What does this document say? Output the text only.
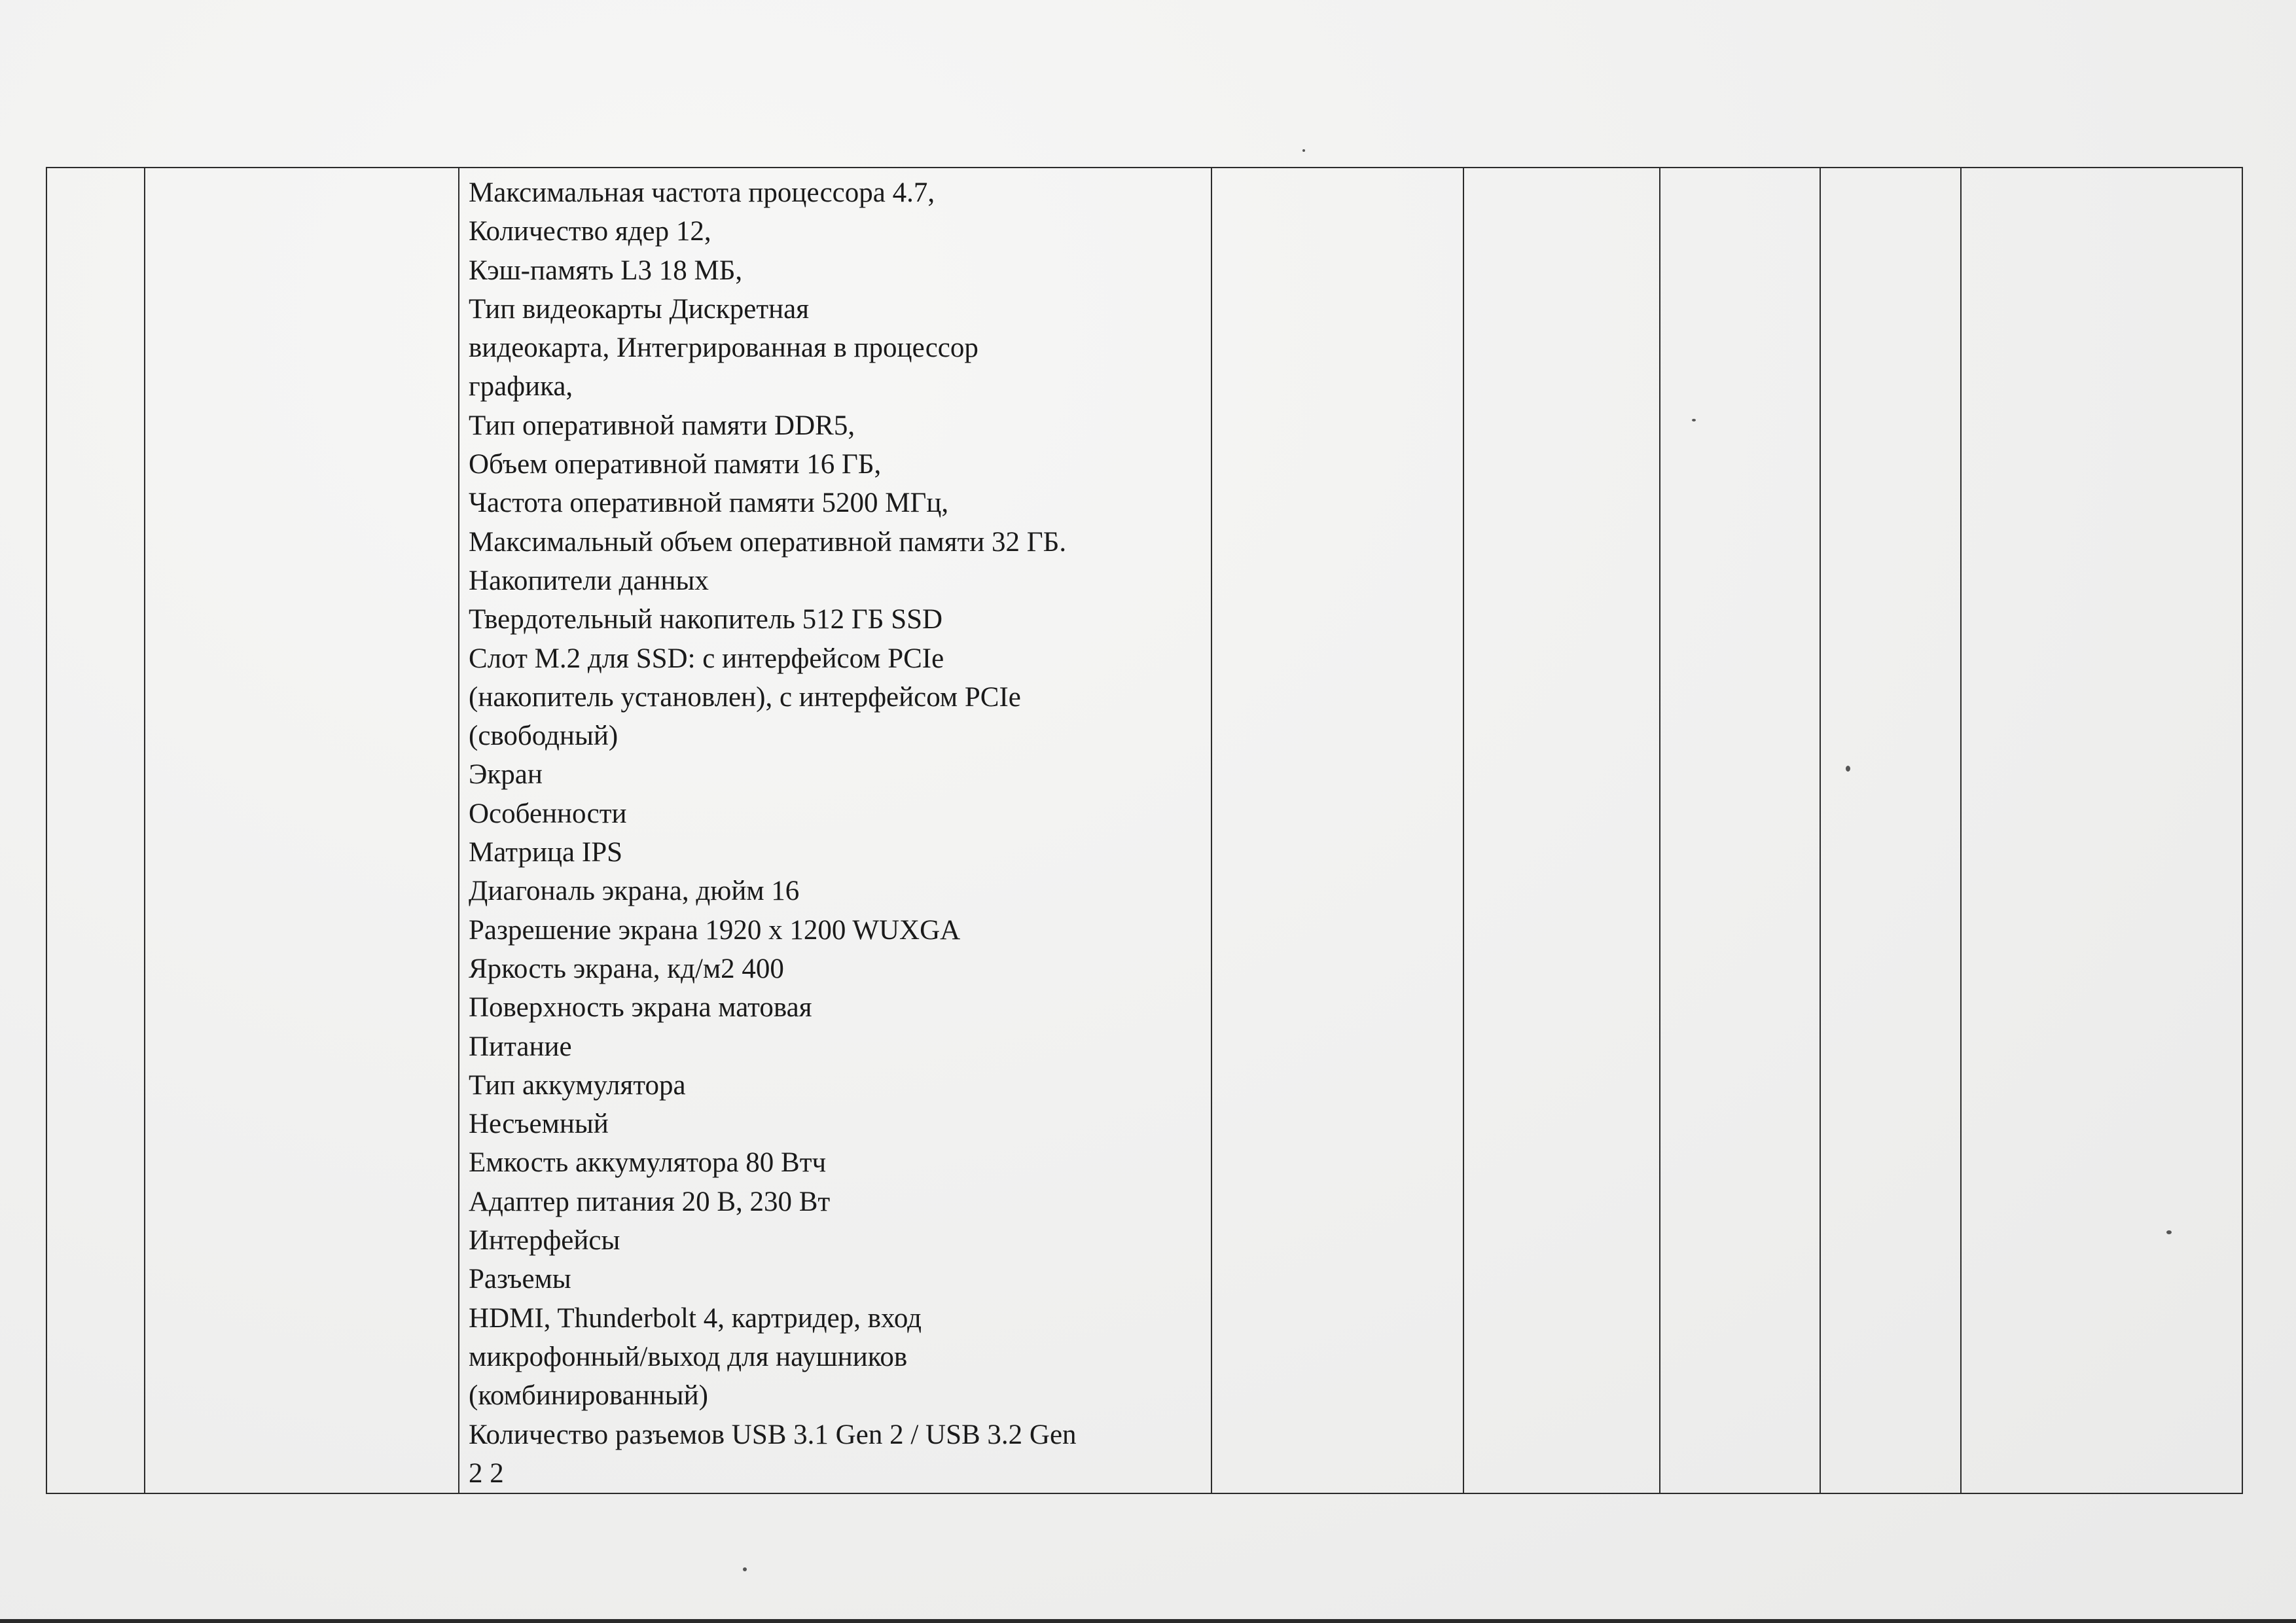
Максимальная частота процессора 4.7,

Количество ядер 12,

Кэш-память L3 18 МБ,

Тип видеокарты Дискретная

видеокарта, Интегрированная в процессор

графика,

Тип оперативной памяти DDR5,

Объем оперативной памяти 16 ГБ,

Частота оперативной памяти 5200 МГц,

Максимальный объем оперативной памяти 32 ГБ.

Накопители данных

Твердотельный накопитель 512 ГБ SSD

Слот M.2 для SSD: с интерфейсом PCIe

(накопитель установлен), с интерфейсом PCIe

(свободный)

Экран

Особенности

Матрица IPS

Диагональ экрана, дюйм 16

Разрешение экрана 1920 x 1200 WUXGA

Яркость экрана, кд/м2 400

Поверхность экрана матовая

Питание

Тип аккумулятора

Несъемный

Емкость аккумулятора 80 Втч

Адаптер питания 20 В, 230 Вт

Интерфейсы

Разъемы

HDMI, Thunderbolt 4, картридер, вход

микрофонный/выход для наушников

(комбинированный)

Количество разъемов USB 3.1 Gen 2 / USB 3.2 Gen

2 2
